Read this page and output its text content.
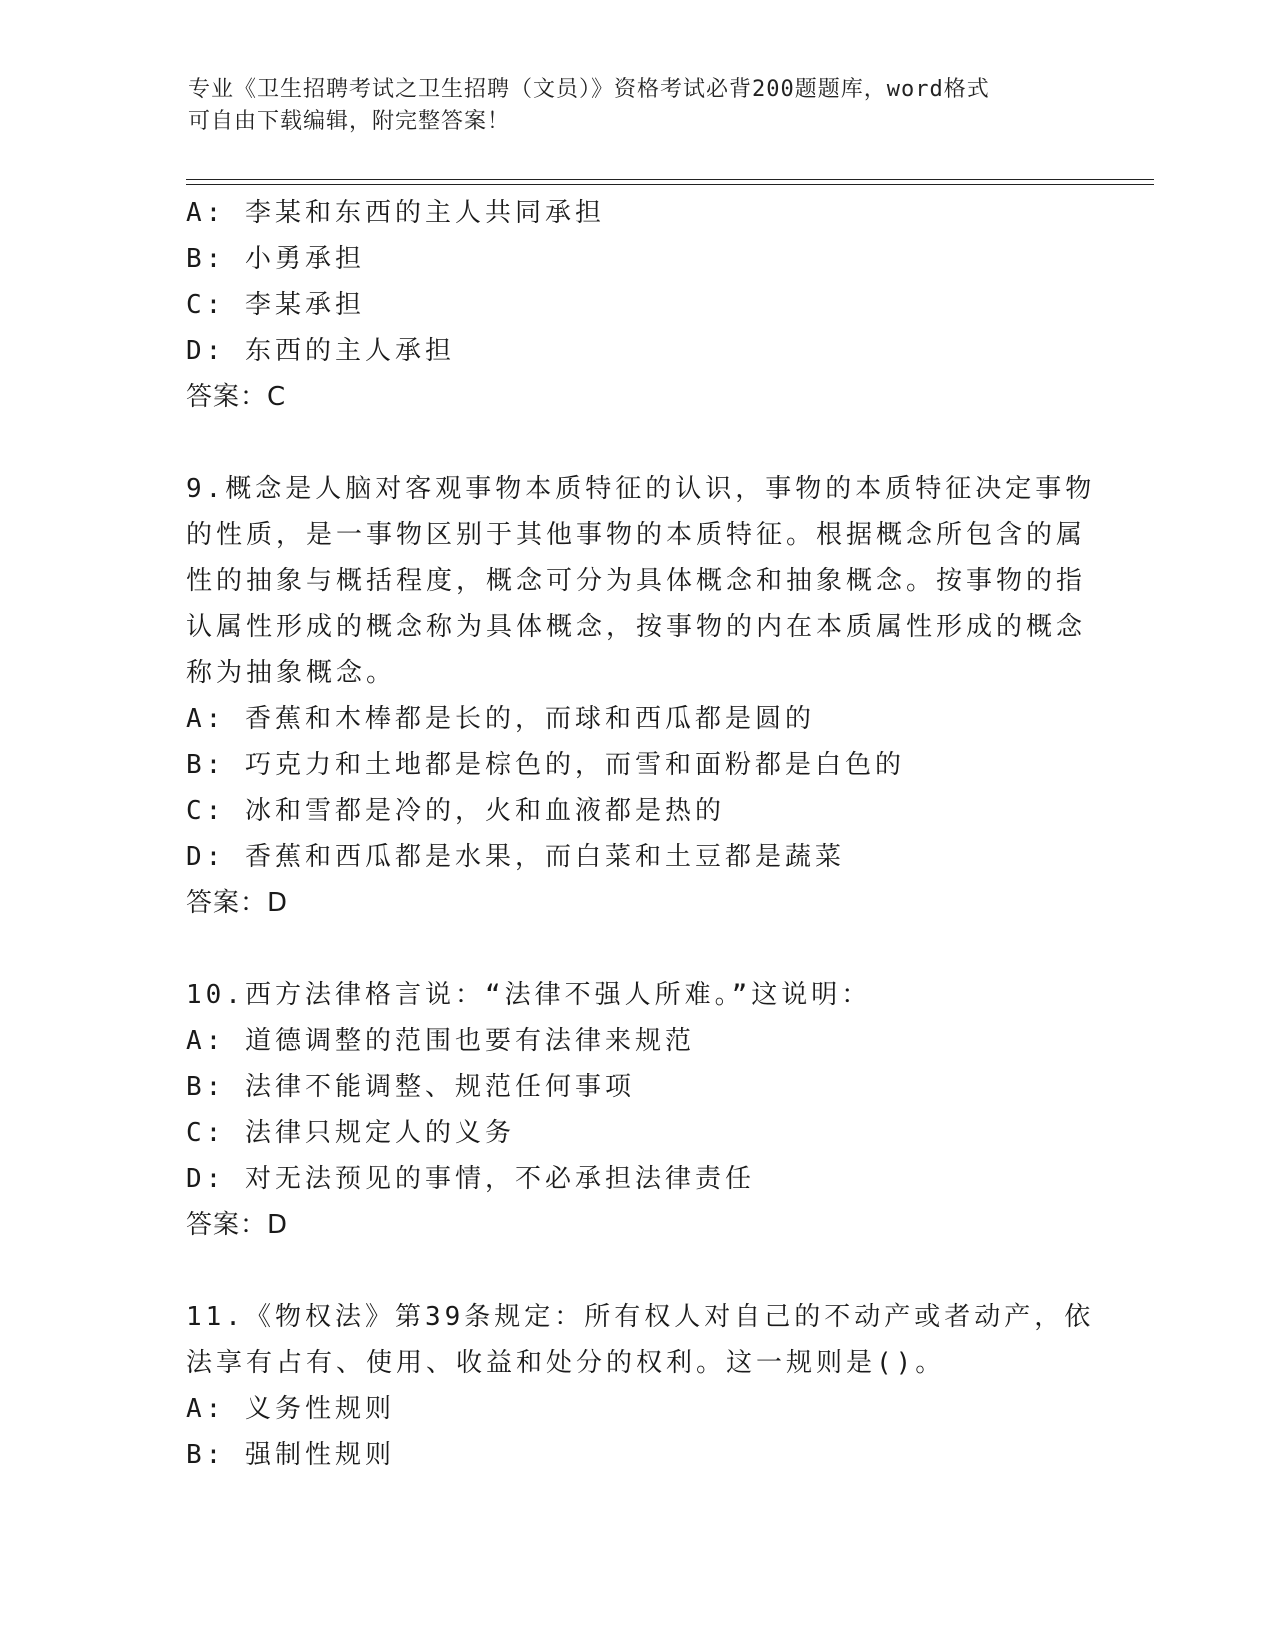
专业《卫生招聘考试之卫生招聘（文员）》资格考试必背200题题库，word格式
可自由下载编辑，附完整答案！
A: 李某和东西的主人共同承担
B: 小勇承担
C: 李某承担
D: 东西的主人承担
答案：C
9.概念是人脑对客观事物本质特征的认识，事物的本质特征决定事物
的性质，是一事物区别于其他事物的本质特征。根据概念所包含的属
性的抽象与概括程度，概念可分为具体概念和抽象概念。按事物的指
认属性形成的概念称为具体概念，按事物的内在本质属性形成的概念
称为抽象概念。
A: 香蕉和木棒都是长的，而球和西瓜都是圆的
B: 巧克力和土地都是棕色的，而雪和面粉都是白色的
C: 冰和雪都是冷的，火和血液都是热的
D: 香蕉和西瓜都是水果，而白菜和土豆都是蔬菜
答案：D
10.西方法律格言说：“法律不强人所难。”这说明：
A: 道德调整的范围也要有法律来规范
B: 法律不能调整、规范任何事项
C: 法律只规定人的义务
D: 对无法预见的事情，不必承担法律责任
答案：D
11.《物权法》第39条规定：所有权人对自己的不动产或者动产，依
法享有占有、使用、收益和处分的权利。这一规则是()。
A: 义务性规则
B: 强制性规则
